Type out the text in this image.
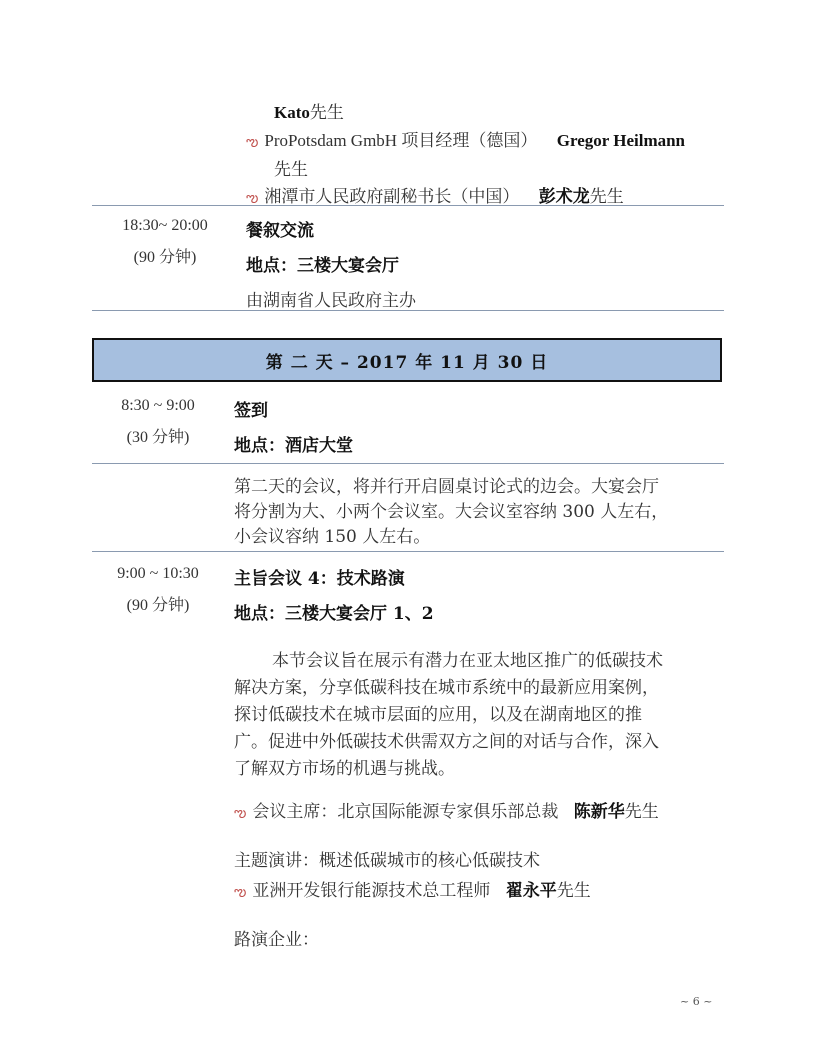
Kato先生
ఌ ProPotsdam GmbH 项目经理（德国） Gregor Heilmann
先生
ఌ 湘潭市人民政府副秘书长（中国） 彭术龙先生
18:30~ 20:00
(90 分钟)
餐叙交流
地点：三楼大宴会厅
由湖南省人民政府主办
第 二 天 – 2017 年 11 月 30 日
8:30 ~ 9:00
(30 分钟)
签到
地点：酒店大堂
第二天的会议，将并行开启圆桌讨论式的边会。大宴会厅
将分割为大、小两个会议室。大会议室容纳 300 人左右，
小会议容纳 150 人左右。
9:00 ~ 10:30
(90 分钟)
主旨会议 4：技术路演
地点：三楼大宴会厅 1、2
本节会议旨在展示有潜力在亚太地区推广的低碳技术
解决方案，分享低碳科技在城市系统中的最新应用案例，
探讨低碳技术在城市层面的应用，以及在湖南地区的推
广。促进中外低碳技术供需双方之间的对话与合作，深入
了解双方市场的机遇与挑战。
ఌ 会议主席：北京国际能源专家俱乐部总裁 陈新华先生
主题演讲：概述低碳城市的核心低碳技术
ఌ 亚洲开发银行能源技术总工程师 翟永平先生
路演企业：
~ 6 ~
